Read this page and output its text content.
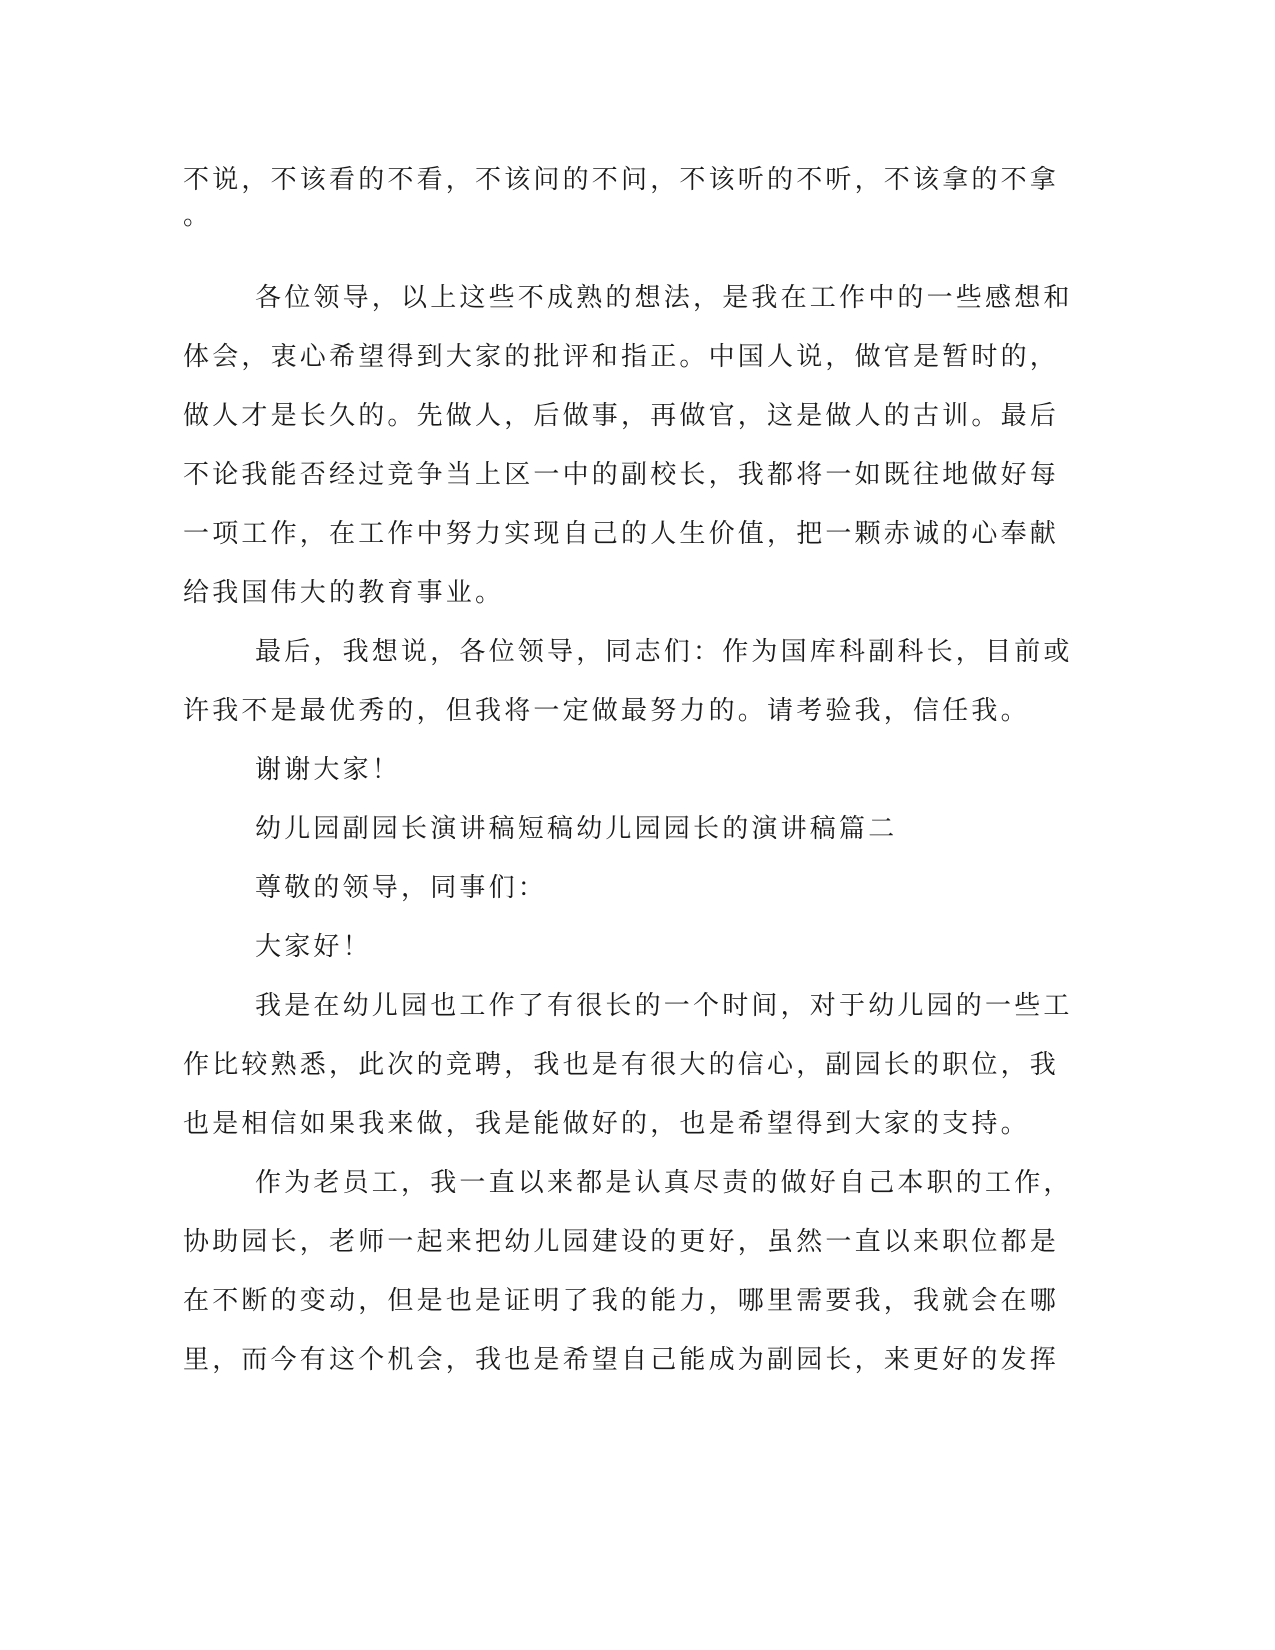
不说，不该看的不看，不该问的不问，不该听的不听，不该拿的不拿
。
各位领导，以上这些不成熟的想法，是我在工作中的一些感想和
体会，衷心希望得到大家的批评和指正。中国人说，做官是暂时的，
做人才是长久的。先做人，后做事，再做官，这是做人的古训。最后
不论我能否经过竞争当上区一中的副校长，我都将一如既往地做好每
一项工作，在工作中努力实现自己的人生价值，把一颗赤诚的心奉献
给我国伟大的教育事业。
最后，我想说，各位领导，同志们：作为国库科副科长，目前或
许我不是最优秀的，但我将一定做最努力的。请考验我，信任我。
谢谢大家！
幼儿园副园长演讲稿短稿幼儿园园长的演讲稿篇二
尊敬的领导，同事们：
大家好！
我是在幼儿园也工作了有很长的一个时间，对于幼儿园的一些工
作比较熟悉，此次的竞聘，我也是有很大的信心，副园长的职位，我
也是相信如果我来做，我是能做好的，也是希望得到大家的支持。
作为老员工，我一直以来都是认真尽责的做好自己本职的工作，
协助园长，老师一起来把幼儿园建设的更好，虽然一直以来职位都是
在不断的变动，但是也是证明了我的能力，哪里需要我，我就会在哪
里，而今有这个机会，我也是希望自己能成为副园长，来更好的发挥
